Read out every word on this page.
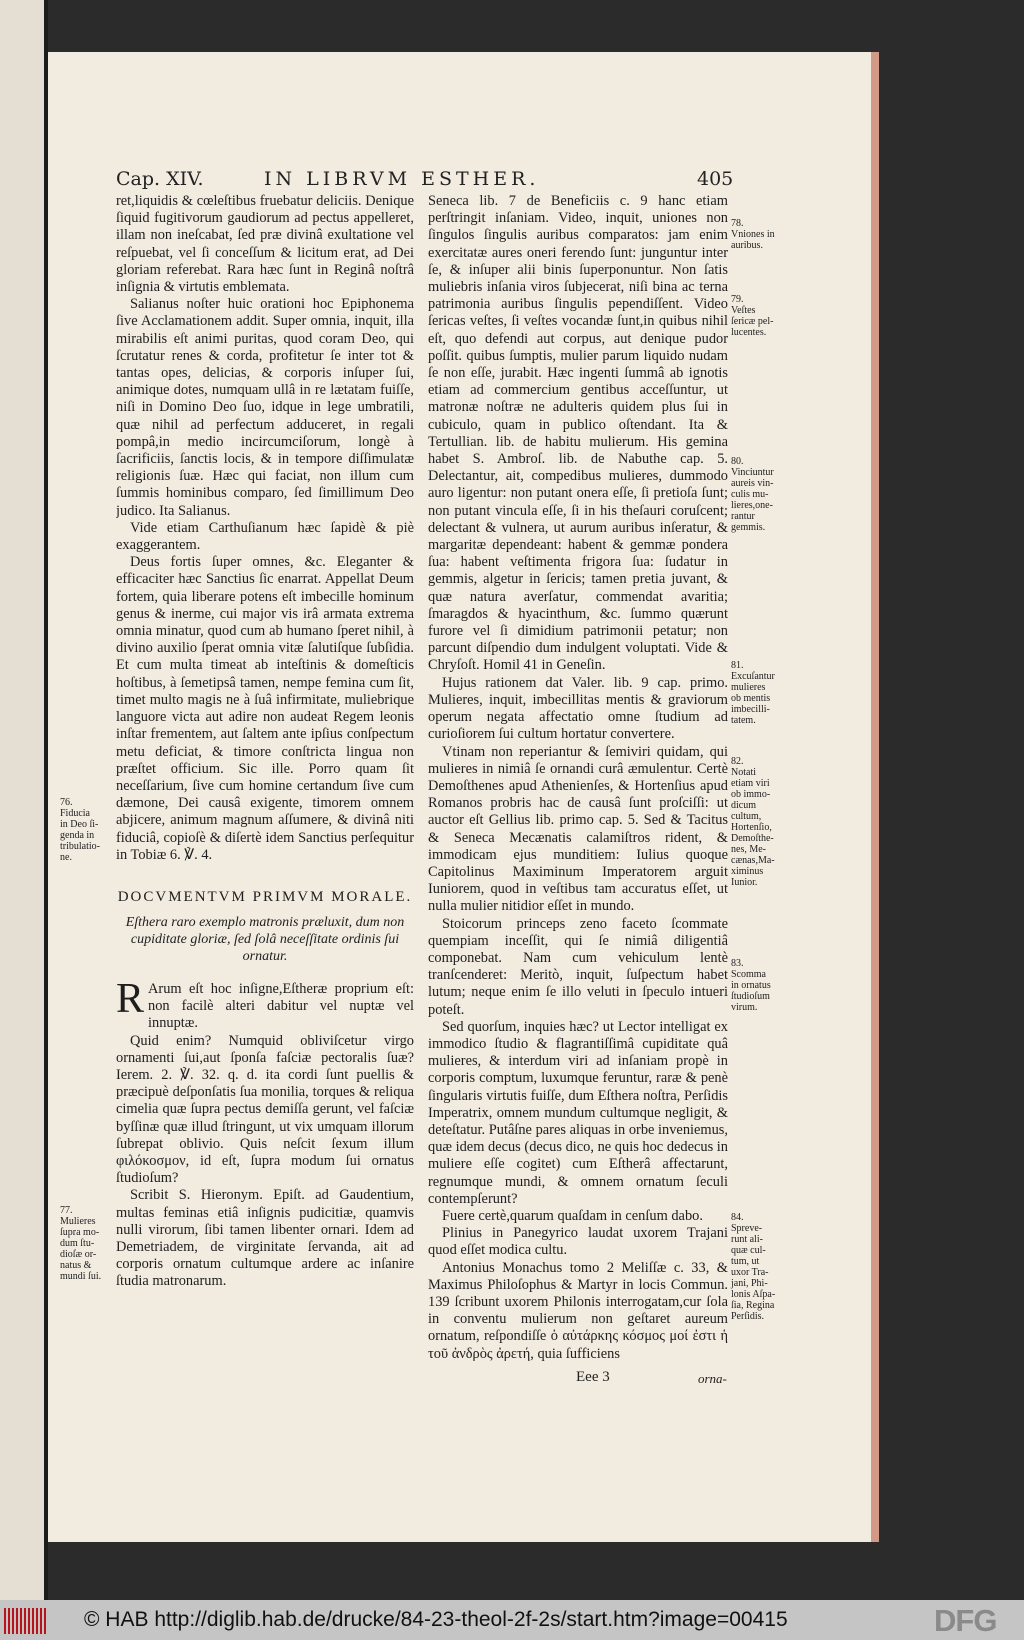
Cap. XIV.	IN LIBRVM ESTHER.	405

ret,liquidis & cœleſtibus fruebatur deliciis. Denique ſiquid fugitivorum gaudiorum ad pectus appelleret, illam non ineſcabat, ſed præ divinâ exultatione vel reſpuebat, vel ſi conceſſum & licitum erat, ad Dei gloriam referebat. Rara hæc ſunt in Reginâ noſtrâ inſignia & virtutis emblemata.

Salianus noſter huic orationi hoc Epiphonema ſive Acclamationem addit. Super omnia, inquit, illa mirabilis eſt animi puritas, quod coram Deo, qui ſcrutatur renes & corda, profitetur ſe inter tot & tantas opes, delicias, & corporis inſuper ſui, animique dotes, numquam ullâ in re lætatam fuiſſe, niſi in Domino Deo ſuo, idque in lege umbratili, quæ nihil ad perfectum adduceret, in regali pompâ,in medio incircumciſorum, longè à ſacrificiis, ſanctis locis, & in tempore diſſimulatæ religionis ſuæ. Hæc qui faciat, non illum cum ſummis hominibus comparo, ſed ſimillimum Deo judico. Ita Salianus.

Vide etiam Carthuſianum hæc ſapidè & piè exaggerantem.

Deus fortis ſuper omnes, &c. Eleganter & efficaciter hæc Sanctius ſic enarrat. Appellat Deum fortem, quia liberare potens eſt imbecille hominum genus & inerme, cui major vis irâ armata extrema omnia minatur, quod cum ab humano ſperet nihil, à divino auxilio ſperat omnia vitæ ſalutiſque ſubſidia. Et cum multa timeat ab inteſtinis & domeſticis hoſtibus, à ſemetipsâ tamen, nempe femina cum ſit, timet multo magis ne à ſuâ infirmitate, muliebrique languore victa aut adire non audeat Regem leonis inſtar frementem, aut ſaltem ante ipſius conſpectum metu deficiat, & timore conſtricta lingua non præſtet officium. Sic ille. Porro quam ſit neceſſarium, ſive cum homine certandum ſive cum dæmone, Dei causâ exigente, timorem omnem abjicere, animum magnum aſſumere, & divinâ niti fiduciâ, copioſè & diſertè idem Sanctius perſequitur in Tobiæ 6. ℣. 4.

DOCVMENTVM PRIMVM MORALE.

Eſthera raro exemplo matronis præluxit, dum non cupiditate gloriæ, ſed ſolâ neceſſitate ordinis ſui ornatur.

R Arum eſt hoc inſigne,Eſtheræ proprium eſt: non facilè alteri dabitur vel nuptæ vel innuptæ.

Quid enim? Numquid obliviſcetur virgo ornamenti ſui,aut ſponſa faſciæ pectoralis ſuæ? Ierem. 2. ℣. 32. q. d. ita cordi ſunt puellis & præcipuè deſponſatis ſua monilia, torques & reliqua cimelia quæ ſupra pectus demiſſa gerunt, vel faſciæ byſſinæ quæ illud ſtringunt, ut vix umquam illorum ſubrepat oblivio. Quis neſcit ſexum illum φιλόκοσμον, id eſt, ſupra modum ſui ornatus ſtudioſum?

Scribit S. Hieronym. Epiſt. ad Gaudentium, multas feminas etiâ inſignis pudicitiæ, quamvis nulli virorum, ſibi tamen libenter ornari. Idem ad Demetriadem, de virginitate ſervanda, ait ad corporis ornatum cultumque ardere ac inſanire ſtudia matronarum.

Seneca lib. 7 de Beneficiis c. 9 hanc etiam perſtringit inſaniam. Video, inquit, uniones non ſingulos ſingulis auribus comparatos: jam enim exercitatæ aures oneri ferendo ſunt: junguntur inter ſe, & inſuper alii binis ſuperponuntur. Non ſatis muliebris inſania viros ſubjecerat, niſi bina ac terna patrimonia auribus ſingulis pependiſſent. Video ſericas veſtes, ſi veſtes vocandæ ſunt,in quibus nihil eſt, quo defendi aut corpus, aut denique pudor poſſit. quibus ſumptis, mulier parum liquido nudam ſe non eſſe, jurabit. Hæc ingenti ſummâ ab ignotis etiam ad commercium gentibus acceſſuntur, ut matronæ noſtræ ne adulteris quidem plus ſui in cubiculo, quam in publico oſtendant. Ita & Tertullian. lib. de habitu mulierum. His gemina habet S. Ambroſ. lib. de Nabuthe cap. 5. Delectantur, ait, compedibus mulieres, dummodo auro ligentur: non putant onera eſſe, ſi pretioſa ſunt; non putant vincula eſſe, ſi in his theſauri coruſcent; delectant & vulnera, ut aurum auribus inſeratur, & margaritæ dependeant: habent & gemmæ pondera ſua: habent veſtimenta frigora ſua: ſudatur in gemmis, algetur in ſericis; tamen pretia juvant, & quæ natura averſatur, commendat avaritia; ſmaragdos & hyacinthum, &c. ſummo quærunt furore vel ſi dimidium patrimonii petatur; non parcunt diſpendio dum indulgent voluptati. Vide & Chryſoſt. Homil 41 in Geneſin.

Hujus rationem dat Valer. lib. 9 cap. primo. Mulieres, inquit, imbecillitas mentis & graviorum operum negata affectatio omne ſtudium ad curioſiorem ſui cultum hortatur convertere.

Vtinam non reperiantur & ſemiviri quidam, qui mulieres in nimiâ ſe ornandi curâ æmulentur. Certè Demoſthenes apud Athenienſes, & Hortenſius apud Romanos probris hac de causâ ſunt proſciſſi: ut auctor eſt Gellius lib. primo cap. 5. Sed & Tacitus & Seneca Mecænatis calamiſtros rident, & immodicam ejus munditiem: Iulius quoque Capitolinus Maximinum Imperatorem arguit Iuniorem, quod in veſtibus tam accuratus eſſet, ut nulla mulier nitidior eſſet in mundo.

Stoicorum princeps zeno faceto ſcommate quempiam inceſſit, qui ſe nimiâ diligentiâ componebat. Nam cum vehiculum lentè tranſcenderet: Meritò, inquit, ſuſpectum habet lutum; neque enim ſe illo veluti in ſpeculo intueri poteſt.

Sed quorſum, inquies hæc? ut Lector intelligat ex immodico ſtudio & flagrantiſſimâ cupiditate quâ mulieres, & interdum viri ad inſaniam propè in corporis comptum, luxumque feruntur, raræ & penè ſingularis virtutis fuiſſe, dum Eſthera noſtra, Perſidis Imperatrix, omnem mundum cultumque negligit, & deteſtatur. Putâſne pares aliquas in orbe inveniemus, quæ idem decus (decus dico, ne quis hoc dedecus in muliere eſſe cogitet) cum Eſtherâ affectarunt, regnumque mundi, & omnem ornatum ſeculi contempſerunt?

Fuere certè,quarum quaſdam in cenſum dabo.

Plinius in Panegyrico laudat uxorem Trajani quod eſſet modica cultu.

Antonius Monachus tomo 2 Meliſſæ c. 33, & Maximus Philoſophus & Martyr in locis Commun. 139 ſcribunt uxorem Philonis interrogatam,cur ſola in conventu mulierum non geſtaret aureum ornatum, reſpondiſſe ὁ αὐτάρκης κόσμος μοί ἐστι ἡ τοῦ ἀνδρὸς ἀρετή, quia ſufficiens

76.
Fiducia
in Deo ſi-
genda in
tribulatio-
ne.
77.
Mulieres
ſupra mo-
dum ſtu-
dioſæ or-
natus &
mundi ſui.
78.
Vniones in
auribus.
79.
Veſtes
ſericæ pel-
lucentes.
80.
Vinciuntur
aureis vin-
culis mu-
lieres,one-
rantur
gemmis.
81.
Excuſantur
mulieres
ob mentis
imbecilli-
tatem.
82.
Notati
etiam viri
ob immo-
dicum
cultum,
Hortenſio,
Demoſthe-
nes, Me-
cænas,Ma-
ximinus
Iunior.
83.
Scomma
in ornatus
ſtudioſum
virum.
84.
Spreve-
runt ali-
quæ cul-
tum, ut
uxor Tra-
jani, Phi-
lonis Aſpa-
ſia, Regina
Perſidis.
Eee 3	orna-
© HAB http://diglib.hab.de/drucke/84-23-theol-2f-2s/start.htm?image=00415	DFG
